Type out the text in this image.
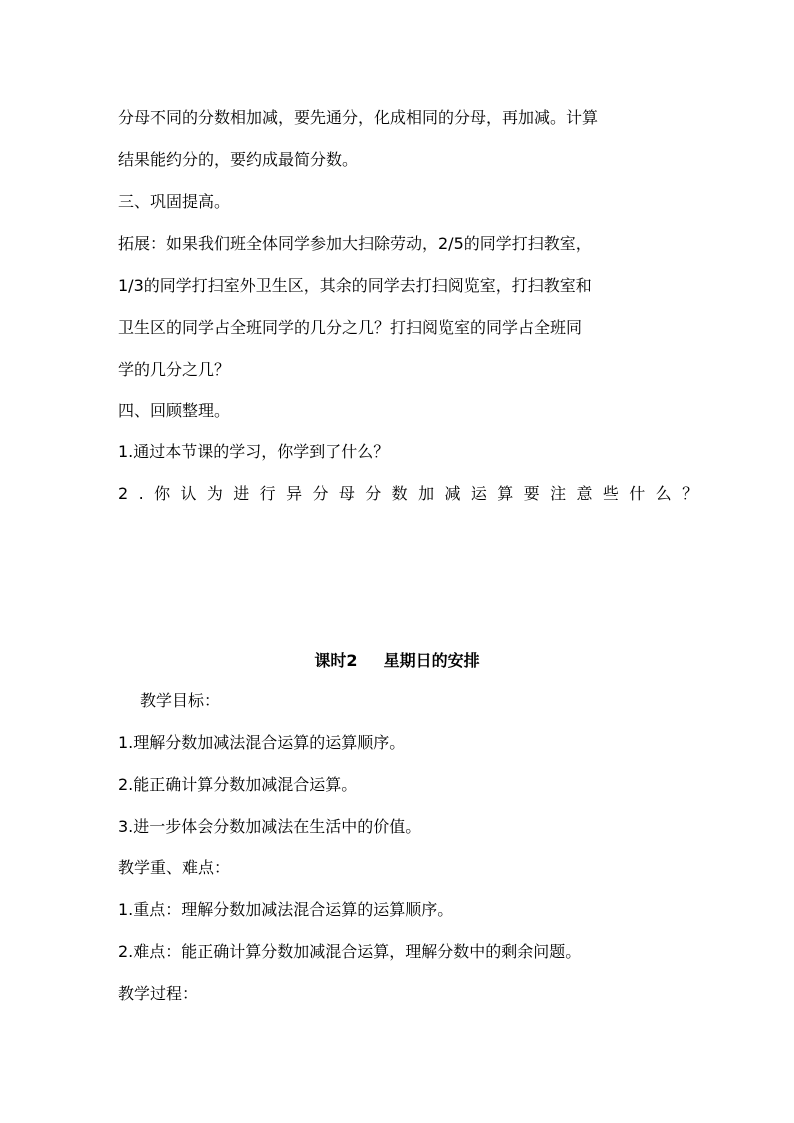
分母不同的分数相加减，要先通分，化成相同的分母，再加减。计算
结果能约分的，要约成最简分数。
三、巩固提高。
拓展：如果我们班全体同学参加大扫除劳动，2/5的同学打扫教室，
1/3的同学打扫室外卫生区，其余的同学去打扫阅览室，打扫教室和
卫生区的同学占全班同学的几分之几？打扫阅览室的同学占全班同
学的几分之几？
四、回顾整理。
1.通过本节课的学习，你学到了什么？
2.你认为进行异分母分数加减运算要注意些什么？
课时2 星期日的安排
教学目标：
1.理解分数加减法混合运算的运算顺序。
2.能正确计算分数加减混合运算。
3.进一步体会分数加减法在生活中的价值。
教学重、难点：
1.重点：理解分数加减法混合运算的运算顺序。
2.难点：能正确计算分数加减混合运算，理解分数中的剩余问题。
教学过程：
